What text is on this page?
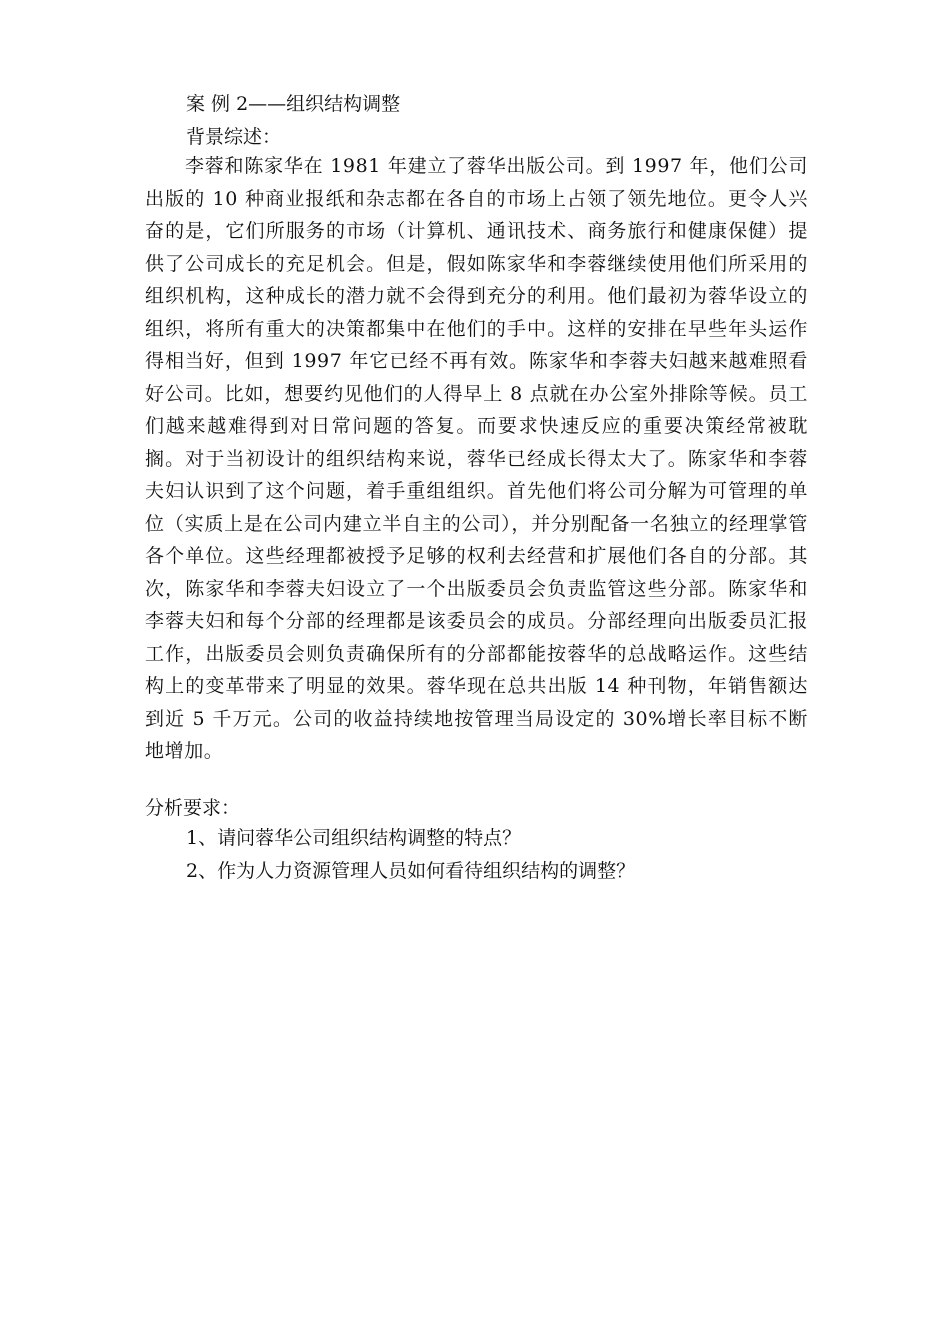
案 例 2——组织结构调整
背景综述：
李蓉和陈家华在 1981 年建立了蓉华出版公司。到 1997 年，他们公司出版的 10 种商业报纸和杂志都在各自的市场上占领了领先地位。更令人兴奋的是，它们所服务的市场（计算机、通讯技术、商务旅行和健康保健）提供了公司成长的充足机会。但是，假如陈家华和李蓉继续使用他们所采用的组织机构，这种成长的潜力就不会得到充分的利用。他们最初为蓉华设立的组织，将所有重大的决策都集中在他们的手中。这样的安排在早些年头运作得相当好，但到 1997 年它已经不再有效。陈家华和李蓉夫妇越来越难照看好公司。比如，想要约见他们的人得早上 8 点就在办公室外排除等候。员工们越来越难得到对日常问题的答复。而要求快速反应的重要决策经常被耽搁。对于当初设计的组织结构来说，蓉华已经成长得太大了。陈家华和李蓉夫妇认识到了这个问题，着手重组组织。首先他们将公司分解为可管理的单位（实质上是在公司内建立半自主的公司），并分别配备一名独立的经理掌管各个单位。这些经理都被授予足够的权利去经营和扩展他们各自的分部。其次，陈家华和李蓉夫妇设立了一个出版委员会负责监管这些分部。陈家华和李蓉夫妇和每个分部的经理都是该委员会的成员。分部经理向出版委员汇报工作，出版委员会则负责确保所有的分部都能按蓉华的总战略运作。这些结构上的变革带来了明显的效果。蓉华现在总共出版 14 种刊物，年销售额达到近 5 千万元。公司的收益持续地按管理当局设定的 30%增长率目标不断地增加。
分析要求：
1、请问蓉华公司组织结构调整的特点？
2、作为人力资源管理人员如何看待组织结构的调整？
